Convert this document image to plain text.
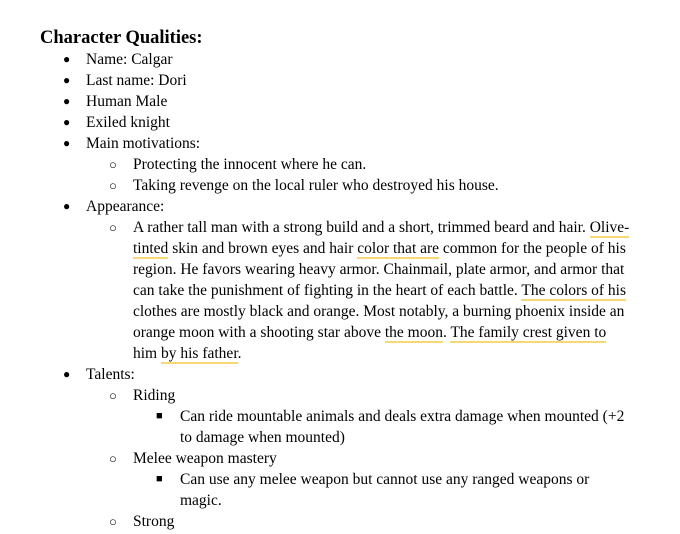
Character Qualities:
● Name: Calgar
● Last name: Dori
● Human Male
● Exiled knight
● Main motivations:
○ Protecting the innocent where he can.
○ Taking revenge on the local ruler who destroyed his house.
● Appearance:
○ A rather tall man with a strong build and a short, trimmed beard and hair. Olive-tinted skin and brown eyes and hair color that are common for the people of his region. He favors wearing heavy armor. Chainmail, plate armor, and armor that can take the punishment of fighting in the heart of each battle. The colors of his clothes are mostly black and orange. Most notably, a burning phoenix inside an orange moon with a shooting star above the moon. The family crest given to him by his father.
● Talents:
○ Riding
■ Can ride mountable animals and deals extra damage when mounted (+2 to damage when mounted)
○ Melee weapon mastery
■ Can use any melee weapon but cannot use any ranged weapons or magic.
○ Strong
